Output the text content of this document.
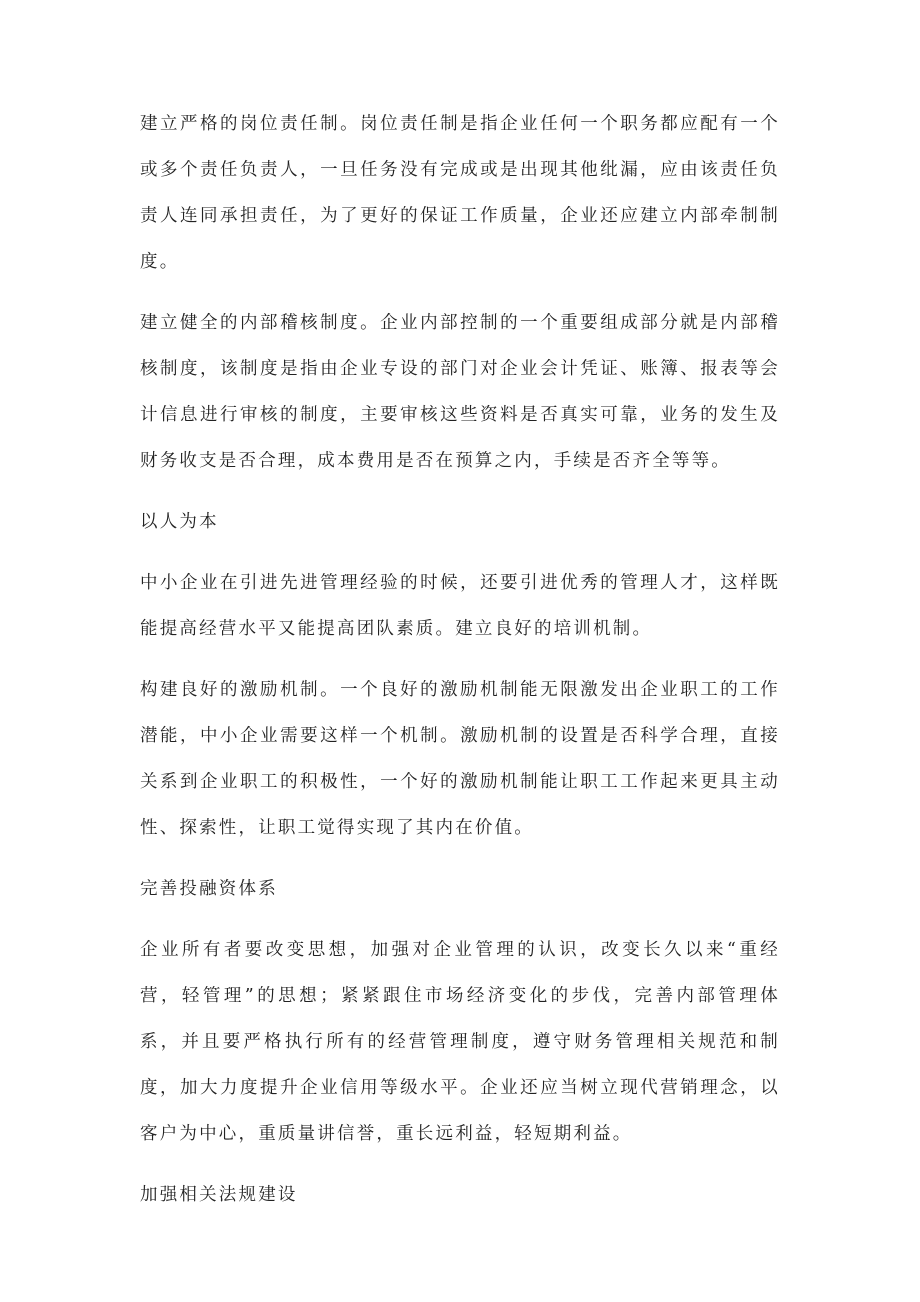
建立严格的岗位责任制。岗位责任制是指企业任何一个职务都应配有一个或多个责任负责人，一旦任务没有完成或是出现其他纰漏，应由该责任负责人连同承担责任，为了更好的保证工作质量，企业还应建立内部牵制制度。

建立健全的内部稽核制度。企业内部控制的一个重要组成部分就是内部稽核制度，该制度是指由企业专设的部门对企业会计凭证、账簿、报表等会计信息进行审核的制度，主要审核这些资料是否真实可靠，业务的发生及财务收支是否合理，成本费用是否在预算之内，手续是否齐全等等。

以人为本

中小企业在引进先进管理经验的时候，还要引进优秀的管理人才，这样既能提高经营水平又能提高团队素质。建立良好的培训机制。

构建良好的激励机制。一个良好的激励机制能无限激发出企业职工的工作潜能，中小企业需要这样一个机制。激励机制的设置是否科学合理，直接关系到企业职工的积极性，一个好的激励机制能让职工工作起来更具主动性、探索性，让职工觉得实现了其内在价值。

完善投融资体系

企业所有者要改变思想，加强对企业管理的认识，改变长久以来“重经营，轻管理”的思想；紧紧跟住市场经济变化的步伐，完善内部管理体系，并且要严格执行所有的经营管理制度，遵守财务管理相关规范和制度，加大力度提升企业信用等级水平。企业还应当树立现代营销理念，以客户为中心，重质量讲信誉，重长远利益，轻短期利益。

加强相关法规建设
